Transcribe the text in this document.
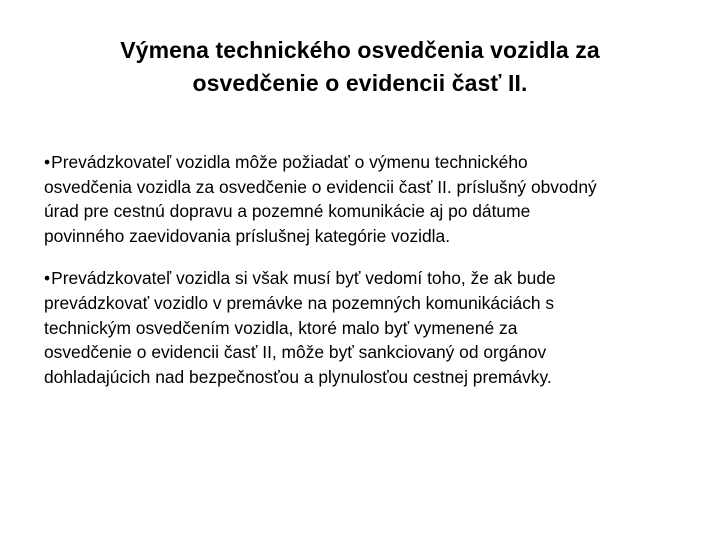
Výmena technického osvedčenia vozidla za
osvedčenie o evidencii časť II.
•Prevádzkovateľ vozidla môže požiadať o výmenu technického
osvedčenia vozidla za osvedčenie o evidencii časť II. príslušný obvodný
úrad pre cestnú dopravu a pozemné komunikácie aj po dátume
povinného zaevidovania príslušnej kategórie vozidla.
•Prevádzkovateľ vozidla si však musí byť vedomí toho, že ak bude
prevádzkovať vozidlo v premávke na pozemných komunikáciách s
technickým osvedčením vozidla, ktoré malo byť vymenené za
osvedčenie o evidencii časť II, môže byť sankciovaný od orgánov
dohladajúcich nad bezpečnosťou a plynulosťou cestnej premávky.
